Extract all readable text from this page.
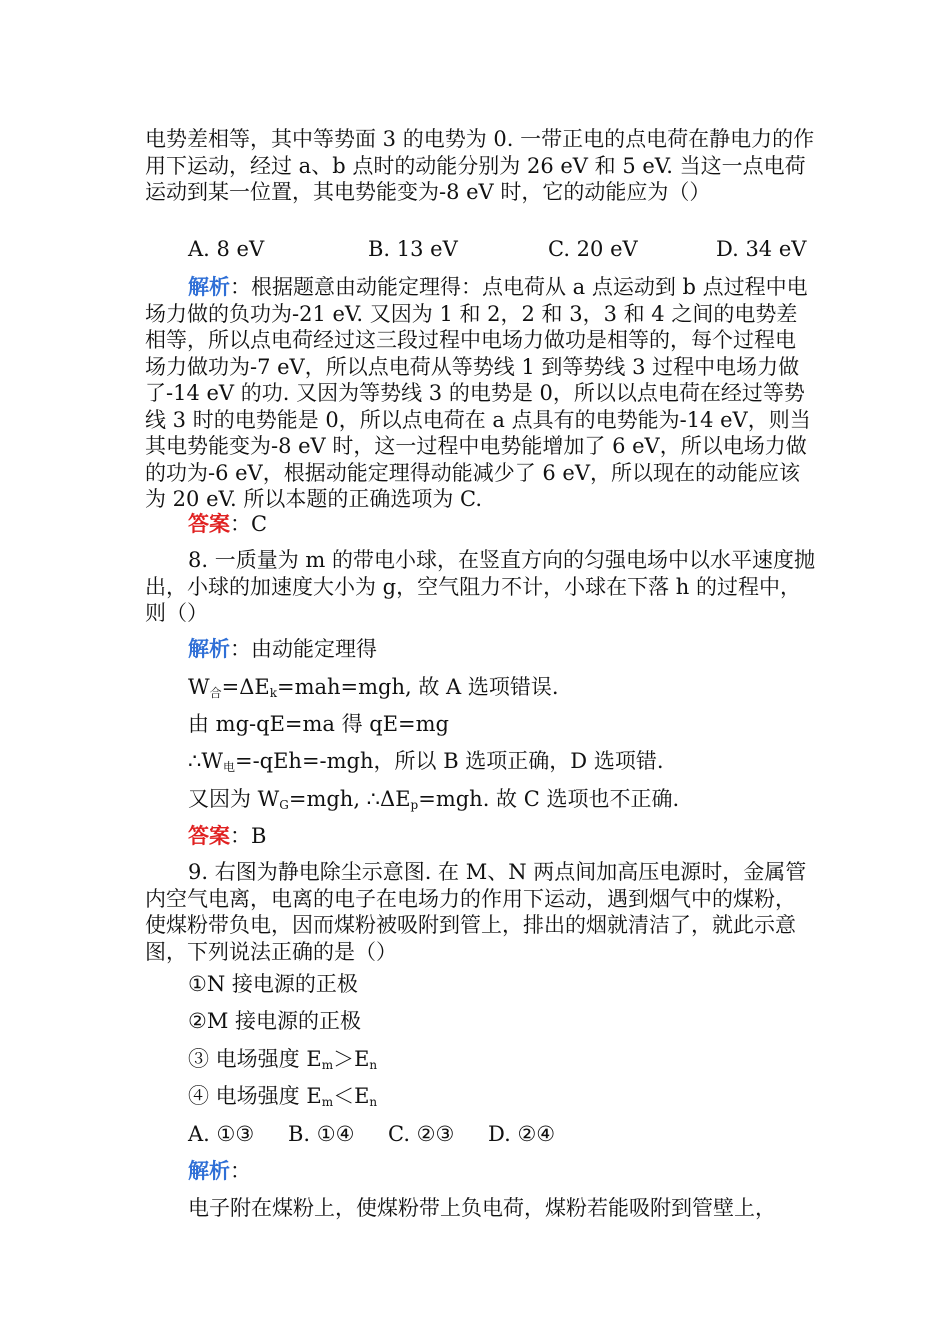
电势差相等，其中等势面 3 的电势为 0. 一带正电的点电荷在静电力的作用下运动，经过 a、b 点时的动能分别为 26 eV 和 5 eV. 当这一点电荷运动到某一位置，其电势能变为-8 eV 时，它的动能应为（）

A. 8 eV	B. 13 eV	C. 20 eV	D. 34 eV

解析：根据题意由动能定理得：点电荷从 a 点运动到 b 点过程中电场力做的负功为-21 eV. 又因为 1 和 2，2 和 3，3 和 4 之间的电势差相等，所以点电荷经过这三段过程中电场力做功是相等的，每个过程电场力做功为-7 eV，所以点电荷从等势线 1 到等势线 3 过程中电场力做了-14 eV 的功. 又因为等势线 3 的电势是 0，所以以点电荷在经过等势线 3 时的电势能是 0，所以点电荷在 a 点具有的电势能为-14 eV，则当其电势能变为-8 eV 时，这一过程中电势能增加了 6 eV，所以电场力做的功为-6 eV，根据动能定理得动能减少了 6 eV，所以现在的动能应该为 20 eV. 所以本题的正确选项为 C.

答案：C

8. 一质量为 m 的带电小球，在竖直方向的匀强电场中以水平速度抛出，小球的加速度大小为 g，空气阻力不计，小球在下落 h 的过程中，则（）

解析：由动能定理得

$W_合=\Delta E_k=mah=mgh$, 故 A 选项错误.

由 mg-qE=ma 得 qE=mg

$\therefore W_电=-qEh=$-mgh，所以 B 选项正确，D 选项错.

又因为 $W_G=mgh$, $\therefore\Delta E_p=mgh$. 故 C 选项也不正确.

答案：B

9. 右图为静电除尘示意图. 在 M、N 两点间加高压电源时，金属管内空气电离，电离的电子在电场力的作用下运动，遇到烟气中的煤粉，使煤粉带负电，因而煤粉被吸附到管上，排出的烟就清洁了，就此示意图，下列说法正确的是（）

①N 接电源的正极

②M 接电源的正极

③ 电场强度 $E_m>E_n$

④ 电场强度 $E_m<E_n$

A. ①③ B. ①④ C. ②③ D. ②④

解析：

电子附在煤粉上，使煤粉带上负电荷，煤粉若能吸附到管壁上，
